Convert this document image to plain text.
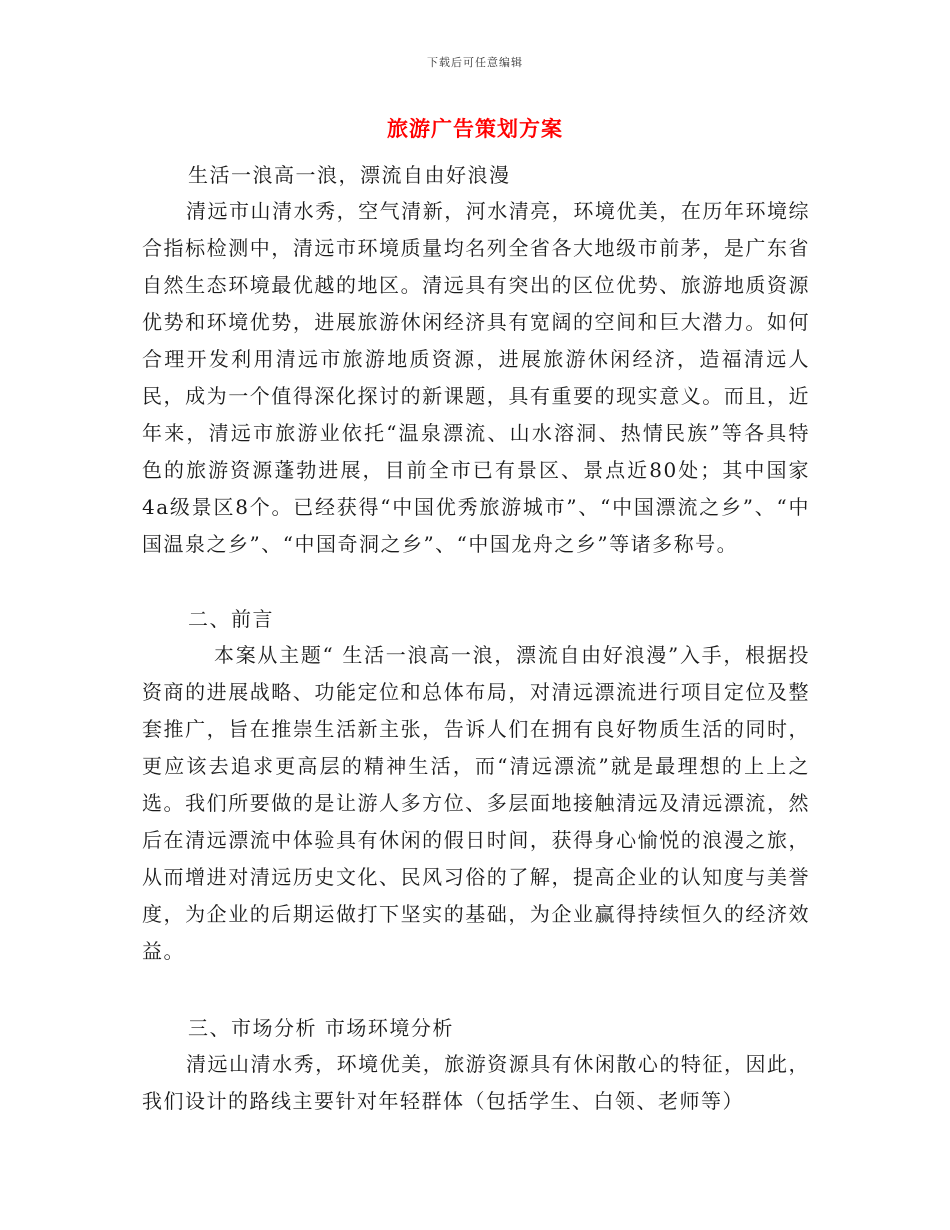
下载后可任意编辑
旅游广告策划方案
生活一浪高一浪，漂流自由好浪漫
清远市山清水秀，空气清新，河水清亮，环境优美，在历年环境综合指标检测中，清远市环境质量均名列全省各大地级市前茅，是广东省自然生态环境最优越的地区。清远具有突出的区位优势、旅游地质资源优势和环境优势，进展旅游休闲经济具有宽阔的空间和巨大潜力。如何合理开发利用清远市旅游地质资源，进展旅游休闲经济，造福清远人民，成为一个值得深化探讨的新课题，具有重要的现实意义。而且，近年来，清远市旅游业依托“温泉漂流、山水溶洞、热情民族”等各具特色的旅游资源蓬勃进展，目前全市已有景区、景点近80处；其中国家4a级景区8个。已经获得“中国优秀旅游城市”、“中国漂流之乡”、“中国温泉之乡”、“中国奇洞之乡”、“中国龙舟之乡”等诸多称号。
二、前言
本案从主题“ 生活一浪高一浪，漂流自由好浪漫”入手，根据投资商的进展战略、功能定位和总体布局，对清远漂流进行项目定位及整套推广，旨在推崇生活新主张，告诉人们在拥有良好物质生活的同时，更应该去追求更高层的精神生活，而“清远漂流”就是最理想的上上之选。我们所要做的是让游人多方位、多层面地接触清远及清远漂流，然后在清远漂流中体验具有休闲的假日时间，获得身心愉悦的浪漫之旅，从而增进对清远历史文化、民风习俗的了解，提高企业的认知度与美誉度，为企业的后期运做打下坚实的基础，为企业赢得持续恒久的经济效益。
三、市场分析 市场环境分析
清远山清水秀，环境优美，旅游资源具有休闲散心的特征，因此，我们设计的路线主要针对年轻群体（包括学生、白领、老师等）
